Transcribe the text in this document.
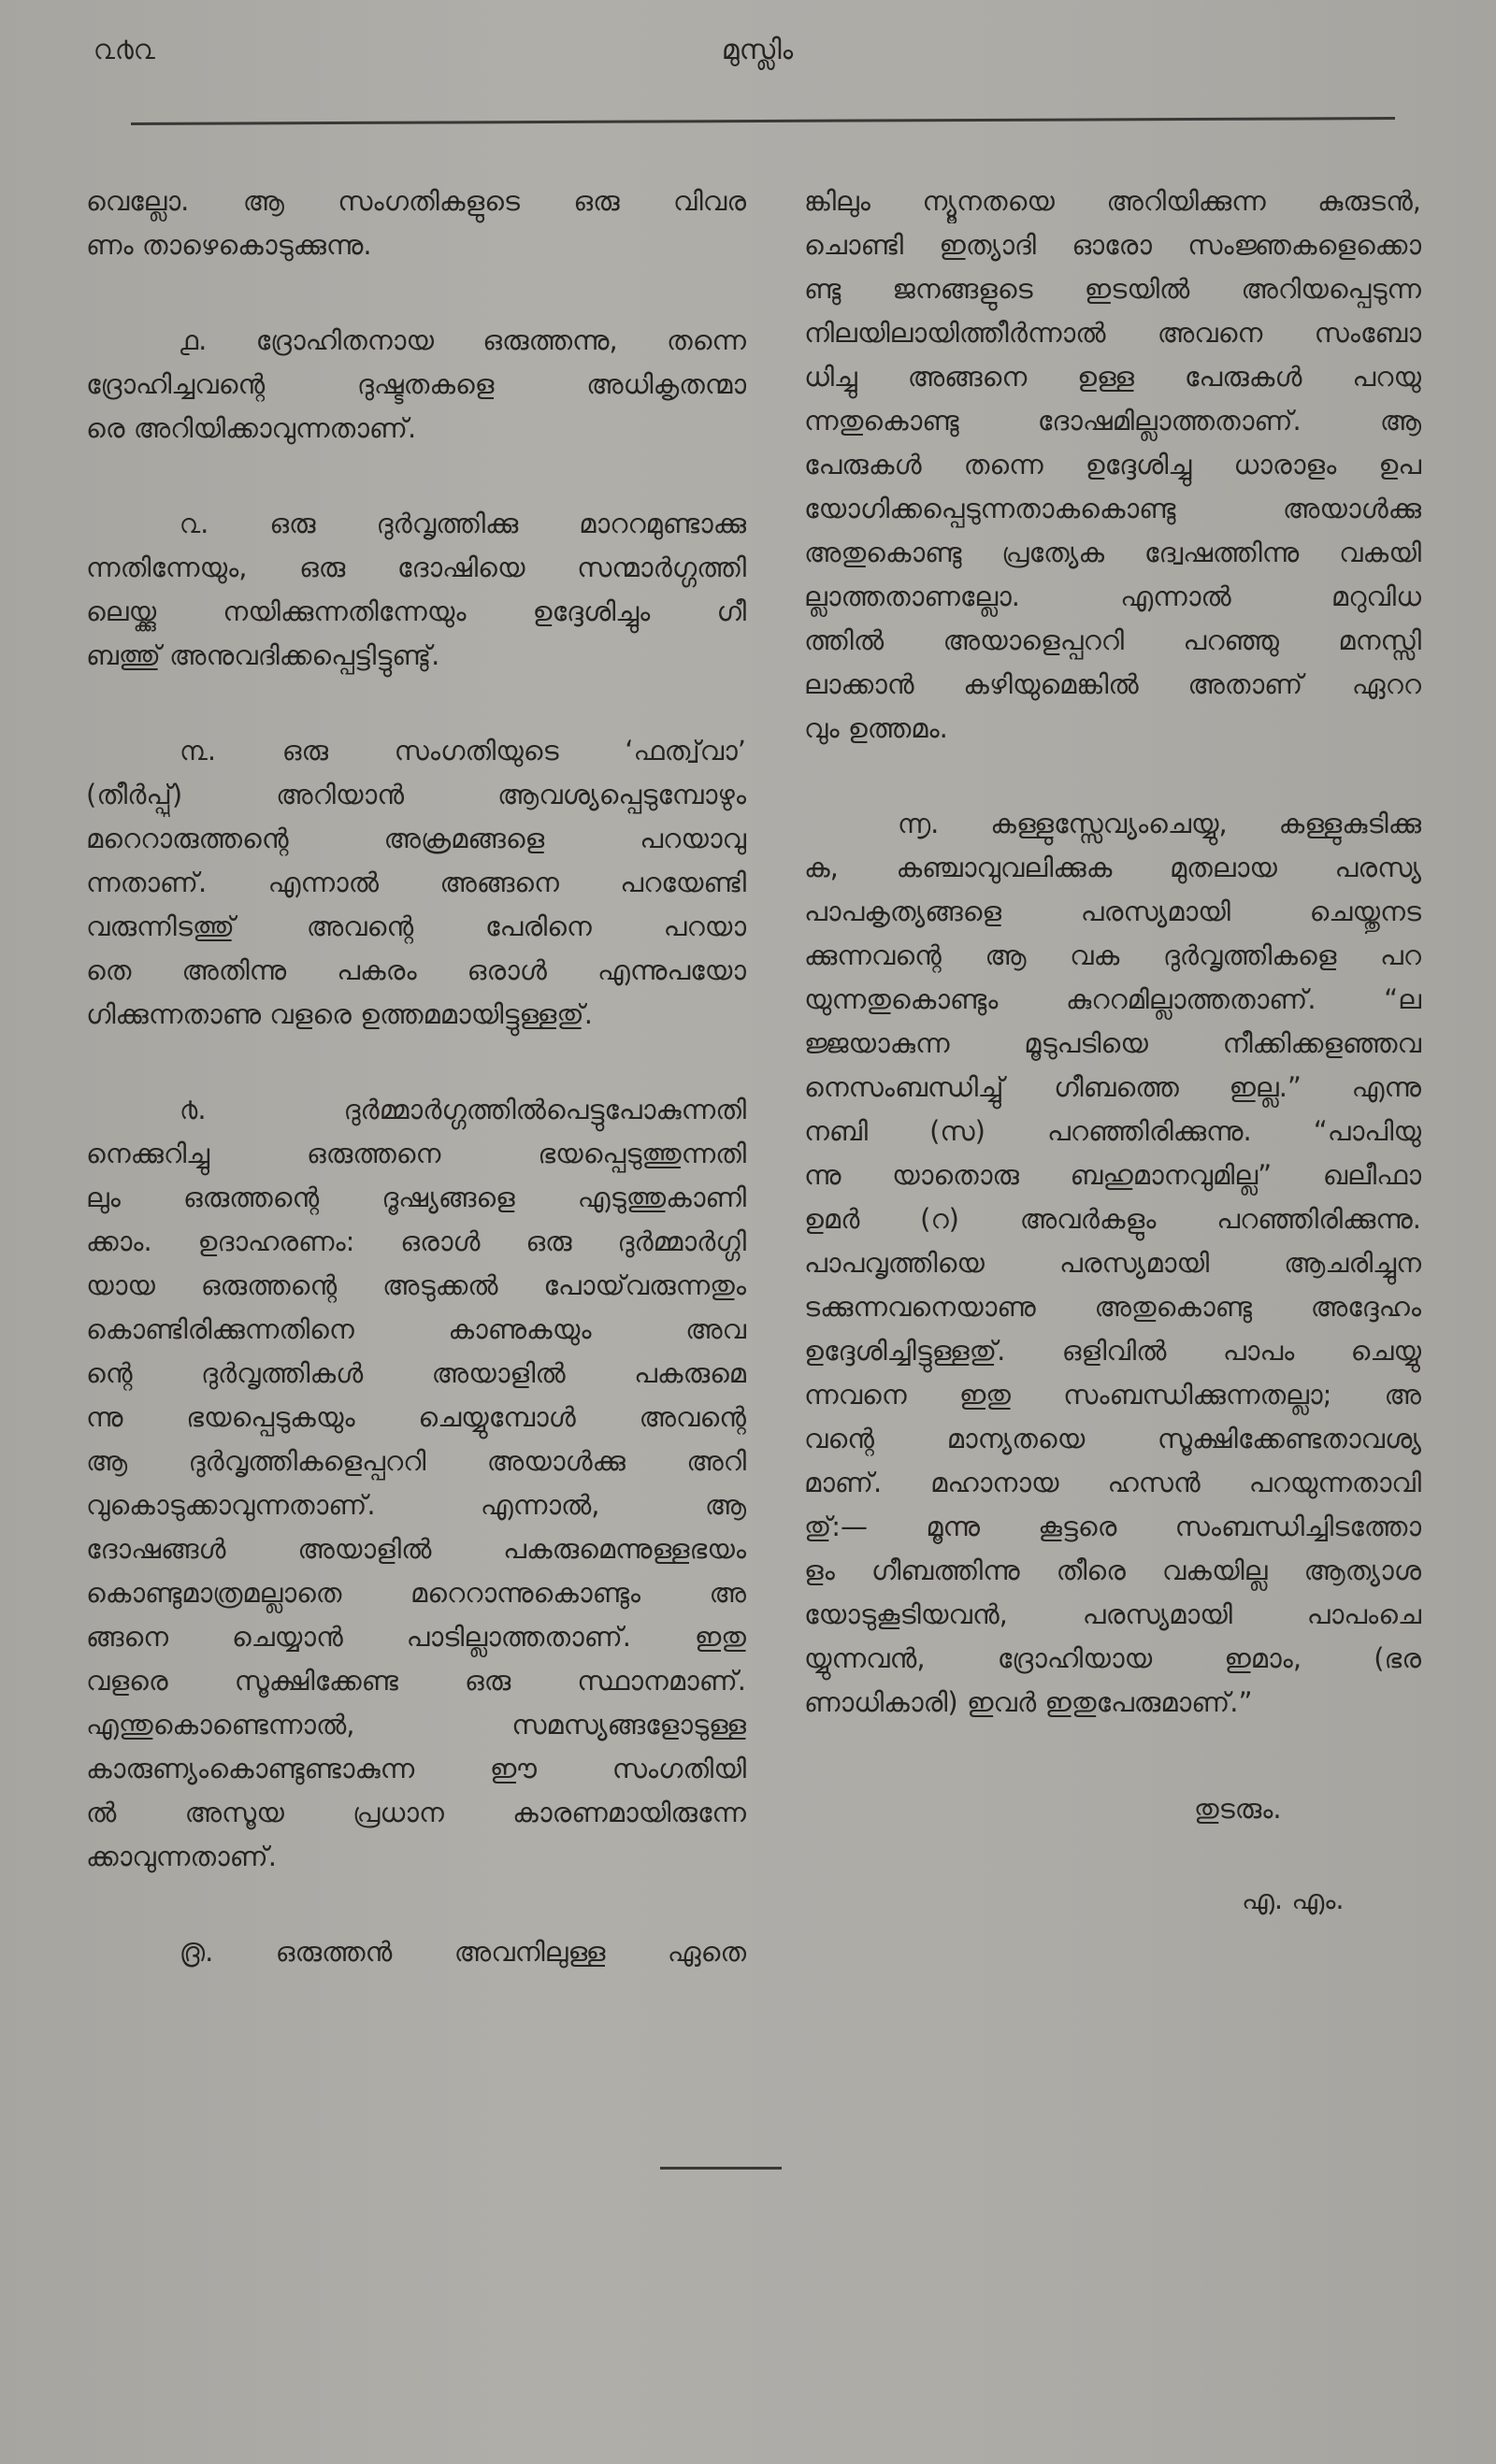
൨൪൨	മുസ്ലിം
വെല്ലോ. ആ സംഗതികളുടെ ഒരു വിവര
ണം താഴെകൊടുക്കുന്നു.
൧. ദ്രോഹിതനായ ഒരുത്തന്നു, തന്നെ
ദ്രോഹിച്ചവന്റെ ദുഷ്ടതകളെ അധികൃതന്മാ
രെ അറിയിക്കാവുന്നതാണ്.
൨. ഒരു ദുർവൃത്തിക്കു മാററമുണ്ടാക്കു
ന്നതിന്നേയും, ഒരു ദോഷിയെ സന്മാർഗ്ഗത്തി
ലെയ്ക്കു നയിക്കുന്നതിന്നേയും ഉദ്ദേശിച്ചും ഗീ
ബത്തു് അനുവദിക്കപ്പെട്ടിട്ടുണ്ടു്.
൩. ഒരു സംഗതിയുടെ ‘ഫത്വ്‌വാ’
(തീർപ്പു്) അറിയാൻ ആവശ്യപ്പെടുമ്പോഴും
മറെറാരുത്തന്റെ അക്രമങ്ങളെ പറയാവു
ന്നതാണ്. എന്നാൽ അങ്ങനെ പറയേണ്ടി
വരുന്നിടത്തു് അവന്റെ പേരിനെ പറയാ
തെ അതിന്നു പകരം ഒരാൾ എന്നുപയോ
ഗിക്കുന്നതാണു വളരെ ഉത്തമമായിട്ടുള്ളതു്.
൪. ദുർമ്മാർഗ്ഗത്തിൽപെട്ടുപോകുന്നതി
നെക്കുറിച്ചു ഒരുത്തനെ ഭയപ്പെടുത്തുന്നതി
ലും ഒരുത്തന്റെ ദൂഷ്യങ്ങളെ എടുത്തുകാണി
ക്കാം. ഉദാഹരണം: ഒരാൾ ഒരു ദുർമ്മാർഗ്ഗി
യായ ഒരുത്തന്റെ അടുക്കൽ പോയ്‌വരുന്നതും
കൊണ്ടിരിക്കുന്നതിനെ കാണുകയും അവ
ന്റെ ദുർവൃത്തികൾ അയാളിൽ പകരുമെ
ന്നു ഭയപ്പെടുകയും ചെയ്യുമ്പോൾ അവന്റെ
ആ ദുർവൃത്തികളെപ്പററി അയാൾക്കു അറി
വുകൊടുക്കാവുന്നതാണ്. എന്നാൽ, ആ
ദോഷങ്ങൾ അയാളിൽ പകരുമെന്നുള്ളഭയം
കൊണ്ടുമാത്രമല്ലാതെ മറെറാന്നുകൊണ്ടും അ
ങ്ങനെ ചെയ്യാൻ പാടില്ലാത്തതാണ്. ഇതു
വളരെ സൂക്ഷിക്കേണ്ട ഒരു സ്ഥാനമാണ്.
എന്തുകൊണ്ടെന്നാൽ, സമസ്യങ്ങളോടുള്ള
കാരുണ്യംകൊണ്ടുണ്ടാകുന്ന ഈ സംഗതിയി
ൽ അസൂയ പ്രധാന കാരണമായിരുന്നേ
ക്കാവുന്നതാണ്.
൫. ഒരുത്തൻ അവനിലുള്ള ഏതെ
ങ്കിലും ന്യൂനതയെ അറിയിക്കുന്ന കുരുടൻ,
ചൊണ്ടി ഇത്യാദി ഓരോ സംജ്ഞകളെക്കൊ
ണ്ടു ജനങ്ങളുടെ ഇടയിൽ അറിയപ്പെടുന്ന
നിലയിലായിത്തീർന്നാൽ അവനെ സംബോ
ധിച്ചു അങ്ങനെ ഉള്ള പേരുകൾ പറയു
ന്നതുകൊണ്ടു ദോഷമില്ലാത്തതാണ്. ആ
പേരുകൾ തന്നെ ഉദ്ദേശിച്ചു ധാരാളം ഉപ
യോഗിക്കപ്പെടുന്നതാകകൊണ്ടു അയാൾക്കു
അതുകൊണ്ടു പ്രത്യേക ദ്വേഷത്തിന്നു വകയി
ല്ലാത്തതാണല്ലോ. എന്നാൽ മറുവിധ
ത്തിൽ അയാളെപ്പററി പറഞ്ഞു മനസ്സി
ലാക്കാൻ കഴിയുമെങ്കിൽ അതാണ് ഏററ
വും ഉത്തമം.
൬. കള്ളുസ്സേവ്യംചെയ്യു, കള്ളുകുടിക്കു
ക, കഞ്ചാവുവലിക്കുക മുതലായ പരസ്യ
പാപകൃത്യങ്ങളെ പരസ്യമായി ചെയ്തുനട
ക്കുന്നവന്റെ ആ വക ദുർവൃത്തികളെ പറ
യുന്നതുകൊണ്ടും കുററമില്ലാത്തതാണ്. “ല
ജ്ജയാകുന്ന മൂടുപടിയെ നീക്കിക്കളഞ്ഞവ
നെസംബന്ധിച്ചു് ഗീബത്തെ ഇല്ല.” എന്നു
നബി (സ) പറഞ്ഞിരിക്കുന്നു. “പാപിയു
ന്നു യാതൊരു ബഹുമാനവുമില്ല” ഖലീഫാ
ഉമർ (റ) അവർകളും പറഞ്ഞിരിക്കുന്നു.
പാപവൃത്തിയെ പരസ്യമായി ആചരിച്ചുന
ടക്കുന്നവനെയാണു അതുകൊണ്ടു അദ്ദേഹം
ഉദ്ദേശിച്ചിട്ടുള്ളതു്. ഒളിവിൽ പാപം ചെയ്യു
ന്നവനെ ഇതു സംബന്ധിക്കുന്നതല്ലാ; അ
വന്റെ മാന്യതയെ സൂക്ഷിക്കേണ്ടതാവശ്യ
മാണ്. മഹാനായ ഹസൻ പറയുന്നതാവി
തു്:— മൂന്നു കൂട്ടരെ സംബന്ധിച്ചിടത്തോ
ളം ഗീബത്തിന്നു തീരെ വകയില്ല ആത്യാശ
യോടുകൂടിയവൻ, പരസ്യമായി പാപംചെ
യ്യുന്നവൻ, ദ്രോഹിയായ ഇമാം, (ഭര
ണാധികാരി) ഇവർ ഇതുപേരുമാണ്.”
തുടരും.
എ. എം.
